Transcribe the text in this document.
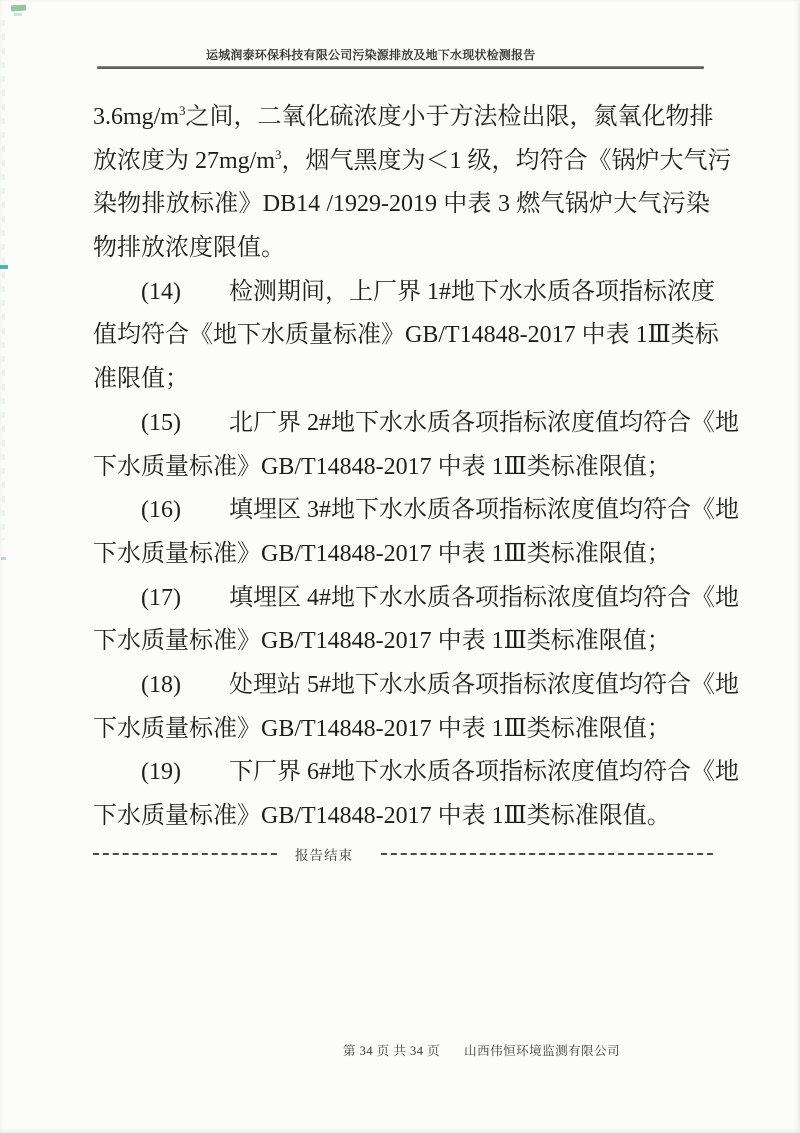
运城润泰环保科技有限公司污染源排放及地下水现状检测报告
$3.6mg/m^3$之间，二氧化硫浓度小于方法检出限，氮氧化物排
放浓度为 $27mg/m^3$，烟气黑度为＜1 级，均符合《锅炉大气污
染物排放标准》DB14 /1929-2019 中表 3 燃气锅炉大气污染
物排放浓度限值。
　　(14)　　检测期间，上厂界 1#地下水水质各项指标浓度
值均符合《地下水质量标准》GB/T14848-2017 中表 1Ⅲ类标
准限值；
　　(15)　　北厂界 2#地下水水质各项指标浓度值均符合《地
下水质量标准》GB/T14848-2017 中表 1Ⅲ类标准限值；
　　(16)　　填埋区 3#地下水水质各项指标浓度值均符合《地
下水质量标准》GB/T14848-2017 中表 1Ⅲ类标准限值；
　　(17)　　填埋区 4#地下水水质各项指标浓度值均符合《地
下水质量标准》GB/T14848-2017 中表 1Ⅲ类标准限值；
　　(18)　　处理站 5#地下水水质各项指标浓度值均符合《地
下水质量标准》GB/T14848-2017 中表 1Ⅲ类标准限值；
　　(19)　　下厂界 6#地下水水质各项指标浓度值均符合《地
下水质量标准》GB/T14848-2017 中表 1Ⅲ类标准限值。
报告结束
第 34 页 共 34 页 山西伟恒环境监测有限公司
